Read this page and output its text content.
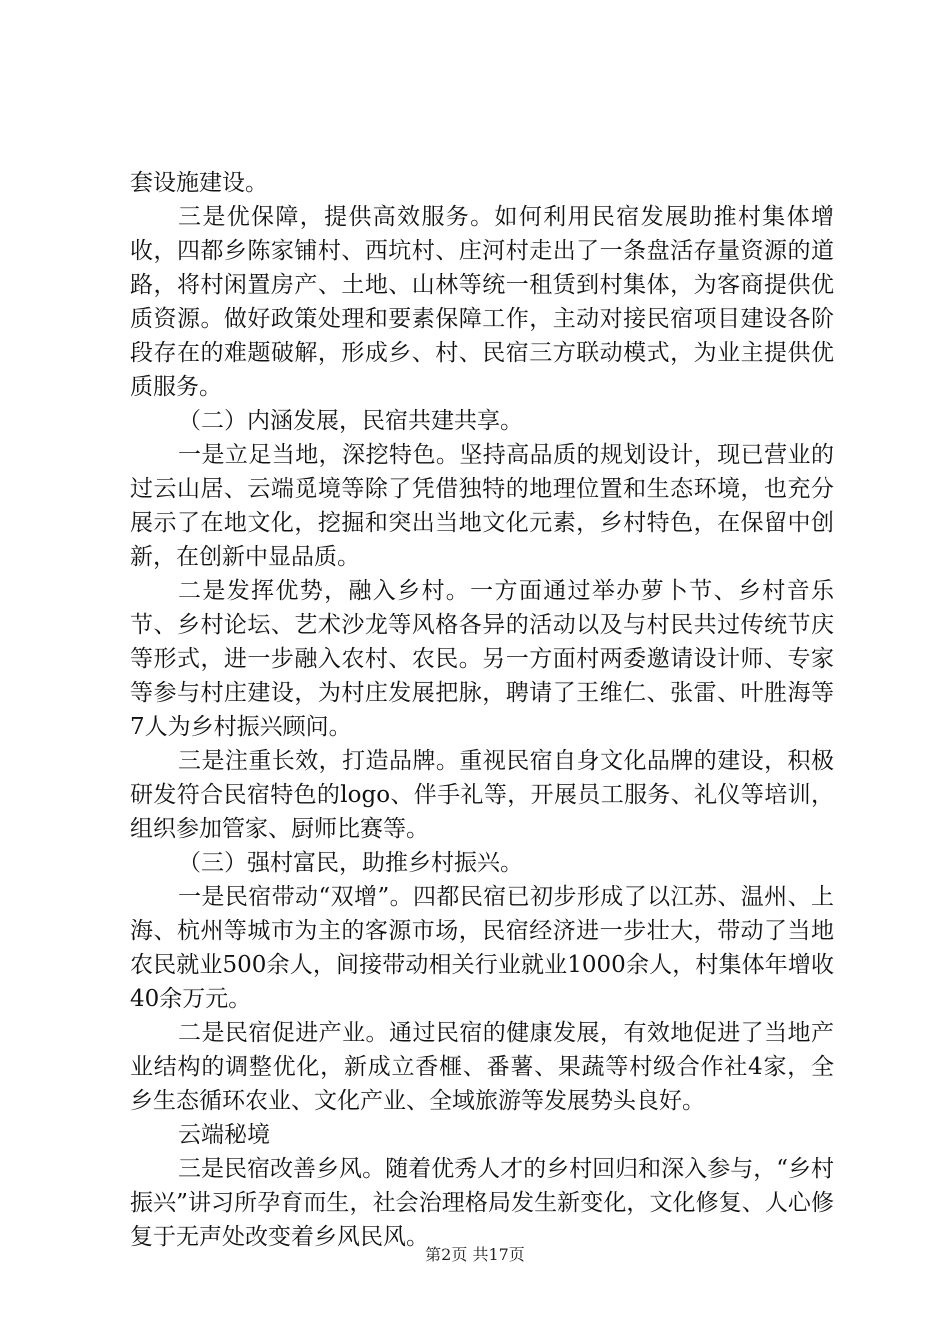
套设施建设。

三是优保障，提供高效服务。如何利用民宿发展助推村集体增收，四都乡陈家铺村、西坑村、庄河村走出了一条盘活存量资源的道路，将村闲置房产、土地、山林等统一租赁到村集体，为客商提供优质资源。做好政策处理和要素保障工作，主动对接民宿项目建设各阶段存在的难题破解，形成乡、村、民宿三方联动模式，为业主提供优质服务。

（二）内涵发展，民宿共建共享。

一是立足当地，深挖特色。坚持高品质的规划设计，现已营业的过云山居、云端觅境等除了凭借独特的地理位置和生态环境，也充分展示了在地文化，挖掘和突出当地文化元素，乡村特色，在保留中创新，在创新中显品质。

二是发挥优势，融入乡村。一方面通过举办萝卜节、乡村音乐节、乡村论坛、艺术沙龙等风格各异的活动以及与村民共过传统节庆等形式，进一步融入农村、农民。另一方面村两委邀请设计师、专家等参与村庄建设，为村庄发展把脉，聘请了王维仁、张雷、叶胜海等7人为乡村振兴顾问。

三是注重长效，打造品牌。重视民宿自身文化品牌的建设，积极研发符合民宿特色的logo、伴手礼等，开展员工服务、礼仪等培训，组织参加管家、厨师比赛等。

（三）强村富民，助推乡村振兴。

一是民宿带动“双增”。四都民宿已初步形成了以江苏、温州、上海、杭州等城市为主的客源市场，民宿经济进一步壮大，带动了当地农民就业500余人，间接带动相关行业就业1000余人，村集体年增收40余万元。

二是民宿促进产业。通过民宿的健康发展，有效地促进了当地产业结构的调整优化，新成立香榧、番薯、果蔬等村级合作社4家，全乡生态循环农业、文化产业、全域旅游等发展势头良好。

云端秘境

三是民宿改善乡风。随着优秀人才的乡村回归和深入参与，“乡村振兴”讲习所孕育而生，社会治理格局发生新变化，文化修复、人心修复于无声处改变着乡风民风。

第2页 共17页
